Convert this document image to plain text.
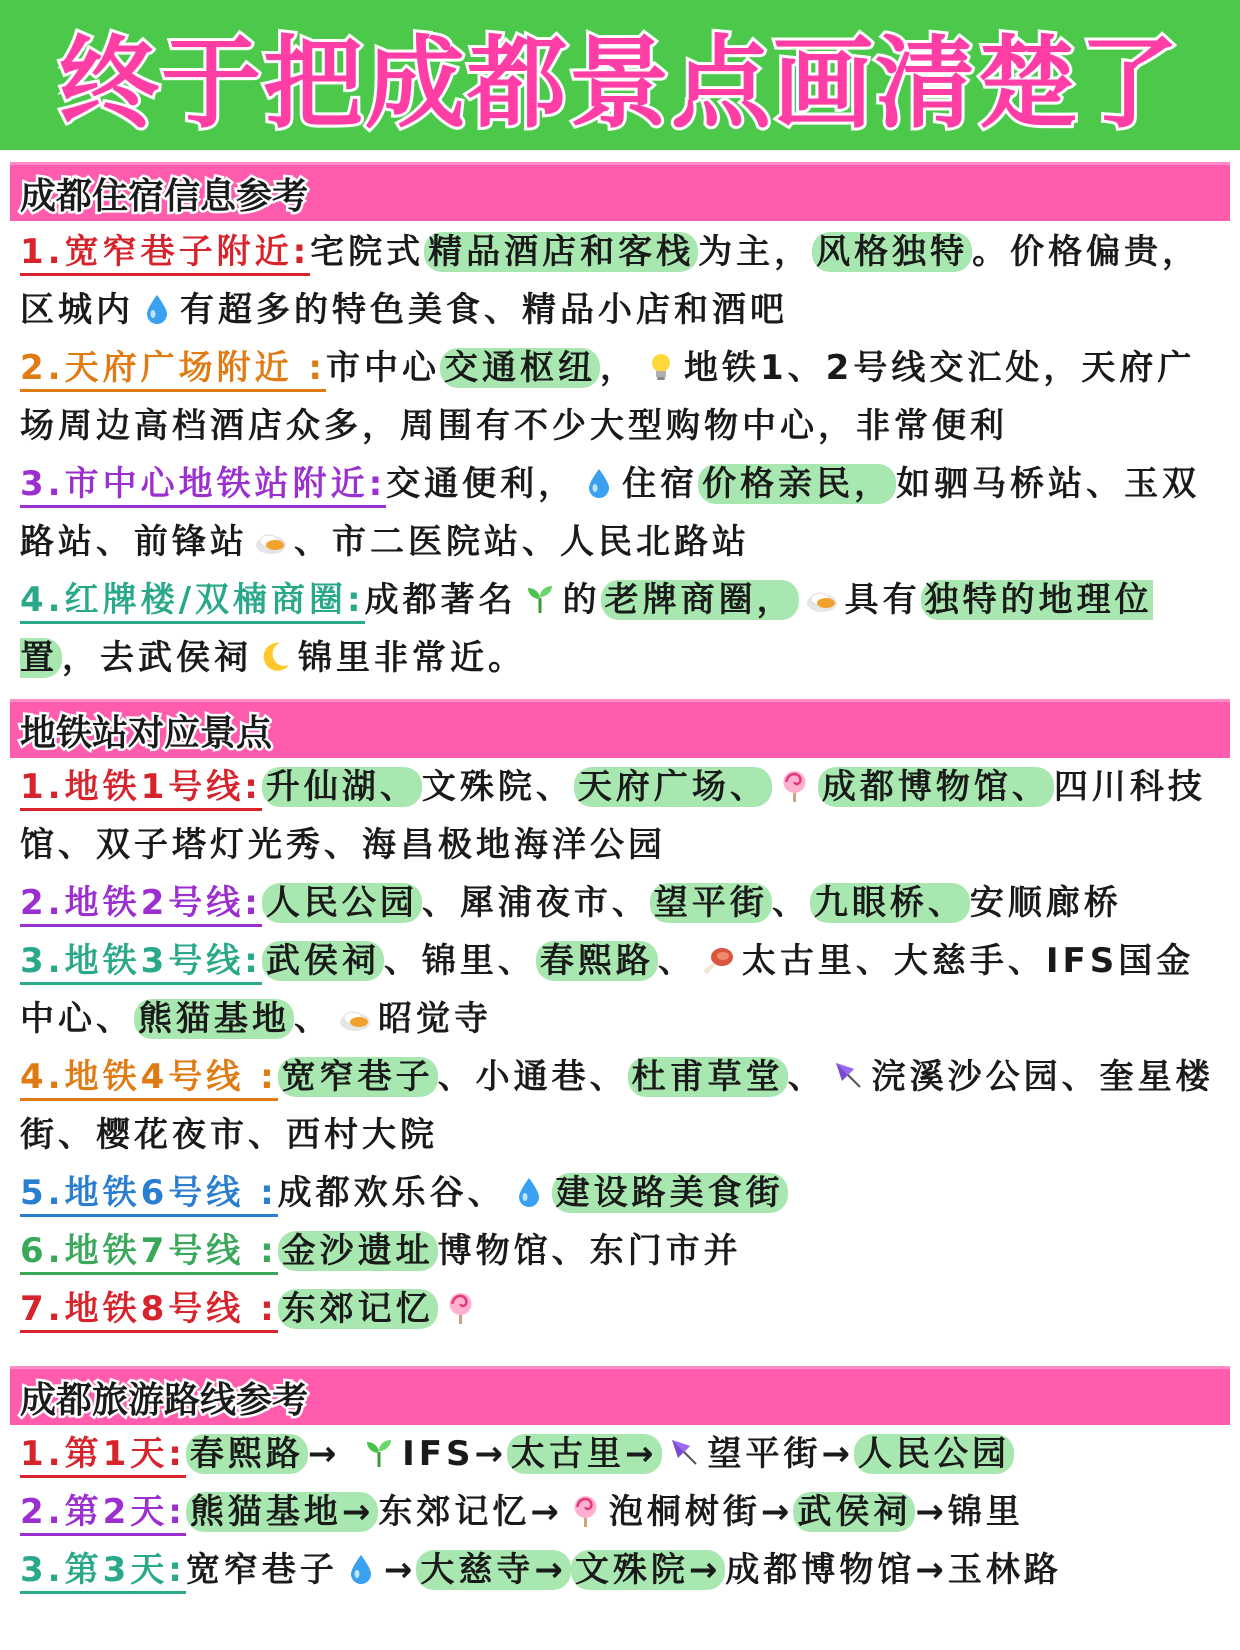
终于把成都景点画清楚了
成都住宿信息参考
1.宽窄巷子附近:宅院式 精品酒店和客栈 为主， 风格独特 。价格偏贵，区城内 有超多的特色美食、精品小店和酒吧
2.天府广场附近 :市中心 交通枢纽 ， 地铁1、2号线交汇处，天府广场周边高档酒店众多，周围有不少大型购物中心，非常便利
3.市中心地铁站附近:交通便利， 住宿 价格亲民， 如驷马桥站、玉双路站、前锋站 、市二医院站、人民北路站
4.红牌楼/双楠商圈:成都著名 的 老牌商圈， 具有 独特的地理位置 ，去武侯祠 锦里非常近。
地铁站对应景点
1.地铁1号线: 升仙湖、 文殊院、 天府广场、 成都博物馆、 四川科技馆、双子塔灯光秀、海昌极地海洋公园
2.地铁2号线: 人民公园 、犀浦夜市、 望平街 、 九眼桥、 安顺廊桥
3.地铁3号线: 武侯祠 、锦里、 春熙路 、 太古里、大慈手、IFS国金中心、 熊猫基地 、 昭觉寺
4.地铁4号线 : 宽窄巷子 、小通巷、 杜甫草堂 、 浣溪沙公园、奎星楼街、樱花夜市、西村大院
5.地铁6号线 :成都欢乐谷、 建设路美食街
6.地铁7号线 : 金沙遗址 博物馆、东门市并
7.地铁8号线 : 东郊记忆
成都旅游路线参考
1.第1天: 春熙路 → IFS→ 太古里→ 望平街→ 人民公园
2.第2天: 熊猫基地→ 东郊记忆→ 泡桐树街→ 武侯祠 →锦里
3.第3天:宽窄巷子 → 大慈寺→ 文殊院→ 成都博物馆→玉林路
